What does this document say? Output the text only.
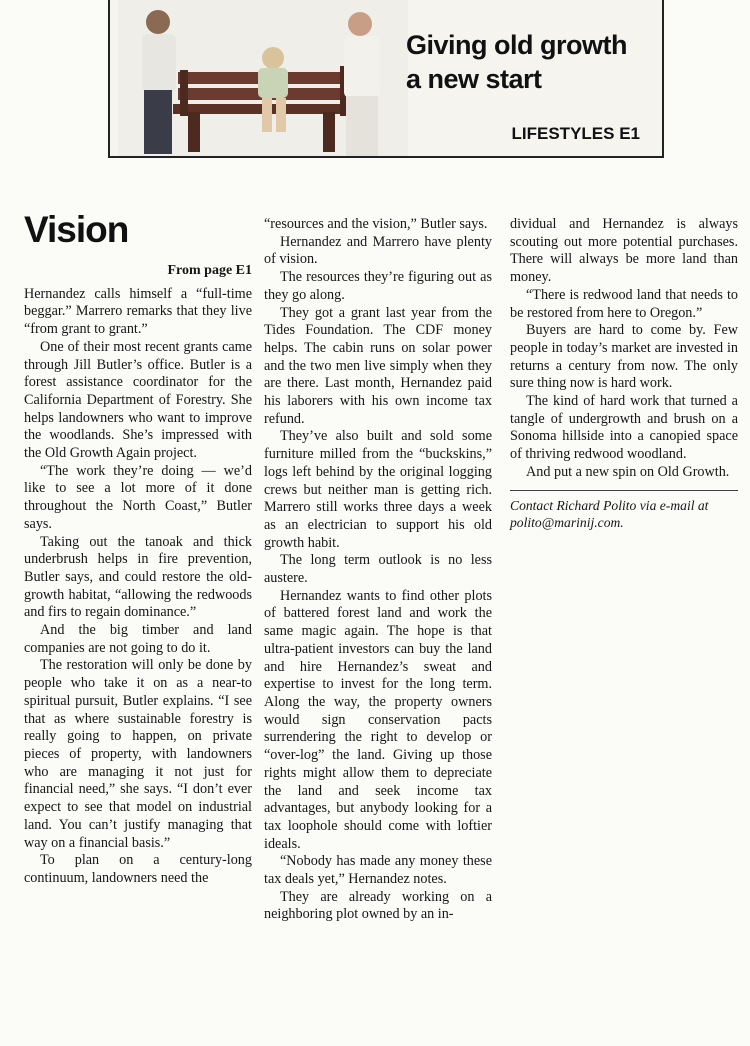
Giving old growth
a new start
LIFESTYLES E1
Vision
From page E1

Hernandez calls himself a “full-time beggar.” Marrero remarks that they live “from grant to grant.”

One of their most recent grants came through Jill Butler’s office. Butler is a forest assistance coordinator for the California Department of Forestry. She helps landowners who want to improve the woodlands. She’s impressed with the Old Growth Again project.

“The work they’re doing — we’d like to see a lot more of it done throughout the North Coast,” Butler says.

Taking out the tanoak and thick underbrush helps in fire prevention, Butler says, and could restore the old-growth habitat, “allowing the redwoods and firs to regain dominance.”

And the big timber and land companies are not going to do it.

The restoration will only be done by people who take it on as a near-to spiritual pursuit, Butler explains. “I see that as where sustainable forestry is really going to happen, on private pieces of property, with landowners who are managing it not just for financial need,” she says. “I don’t ever expect to see that model on industrial land. You can’t justify managing that way on a financial basis.”

To plan on a century-long continuum, landowners need the

“resources and the vision,” Butler says.

Hernandez and Marrero have plenty of vision.

The resources they’re figuring out as they go along.

They got a grant last year from the Tides Foundation. The CDF money helps. The cabin runs on solar power and the two men live simply when they are there. Last month, Hernandez paid his laborers with his own income tax refund.

They’ve also built and sold some furniture milled from the “buckskins,” logs left behind by the original logging crews but neither man is getting rich. Marrero still works three days a week as an electrician to support his old growth habit.

The long term outlook is no less austere.

Hernandez wants to find other plots of battered forest land and work the same magic again. The hope is that ultra-patient investors can buy the land and hire Hernandez’s sweat and expertise to invest for the long term. Along the way, the property owners would sign conservation pacts surrendering the right to develop or “over-log” the land. Giving up those rights might allow them to depreciate the land and seek income tax advantages, but anybody looking for a tax loophole should come with loftier ideals.

“Nobody has made any money these tax deals yet,” Hernandez notes.

They are already working on a neighboring plot owned by an in-

dividual and Hernandez is always scouting out more potential purchases. There will always be more land than money.

“There is redwood land that needs to be restored from here to Oregon.”

Buyers are hard to come by. Few people in today’s market are invested in returns a century from now. The only sure thing now is hard work.

The kind of hard work that turned a tangle of undergrowth and brush on a Sonoma hillside into a canopied space of thriving redwood woodland.

And put a new spin on Old Growth.

Contact Richard Polito via e-mail at polito@marinij.com.
